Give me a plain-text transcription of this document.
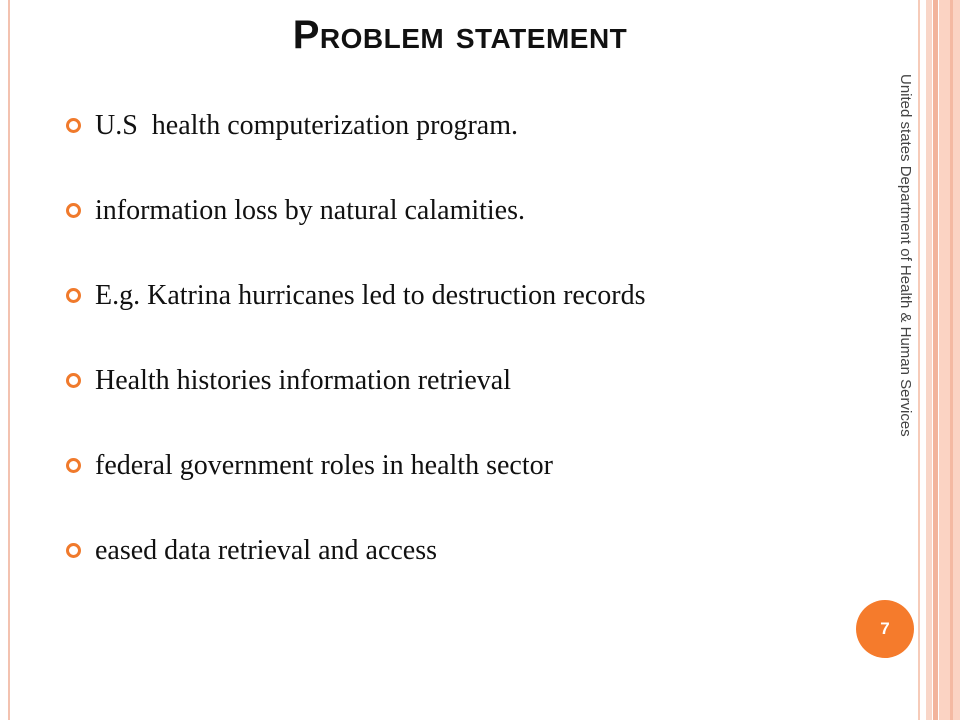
Problem statement
U.S  health computerization program.
information loss by natural calamities.
E.g. Katrina hurricanes led to destruction records
Health histories information retrieval
federal government roles in health sector
eased data retrieval and access
United states Department of Health & Human Services
7
